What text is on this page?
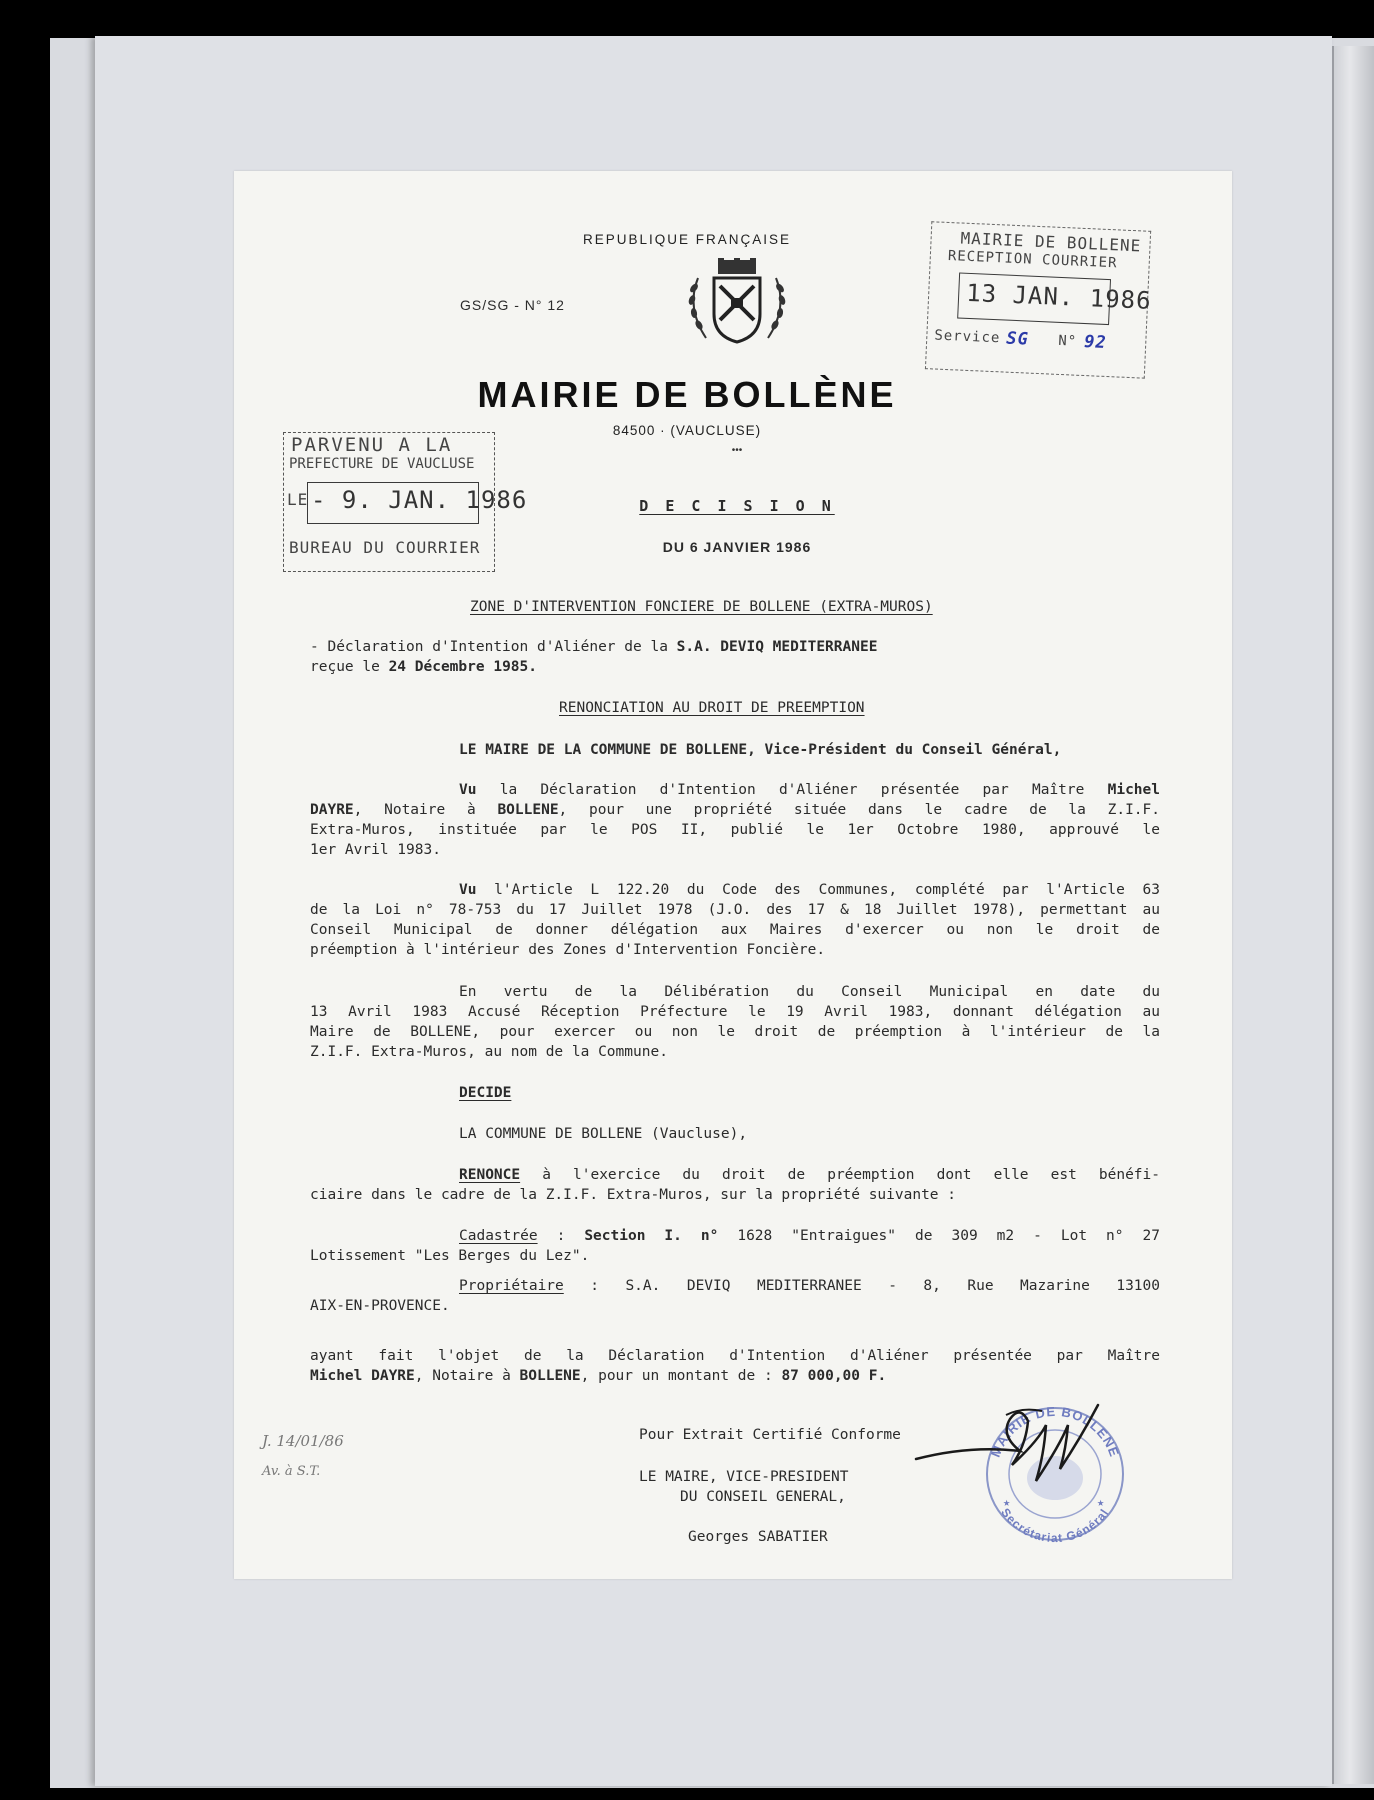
GS/SG - N° 12
REPUBLIQUE FRANÇAISE
MAIRIE DE BOLLÈNE
84500 · (VAUCLUSE)
•••
MAIRIE DE BOLLENE
RECEPTION COURRIER
13 JAN. 1986
Service SG N° 92
PARVENU A LA
PREFECTURE DE VAUCLUSE
LE - 9. JAN. 1986
BUREAU DU COURRIER
D E C I S I O N
DU 6 JANVIER 1986
ZONE D'INTERVENTION FONCIERE DE BOLLENE (EXTRA-MUROS)
- Déclaration d'Intention d'Aliéner de la S.A. DEVIQ MEDITERRANEE
reçue le 24 Décembre 1985.
RENONCIATION AU DROIT DE PREEMPTION
LE MAIRE DE LA COMMUNE DE BOLLENE, Vice-Président du Conseil Général,
Vu la Déclaration d'Intention d'Aliéner présentée par Maître Michel
DAYRE, Notaire à BOLLENE, pour une propriété située dans le cadre de la Z.I.F.
Extra-Muros, instituée par le POS II, publié le 1er Octobre 1980, approuvé le
1er Avril 1983.
Vu l'Article L 122.20 du Code des Communes, complété par l'Article 63
de la Loi n° 78-753 du 17 Juillet 1978 (J.O. des 17 & 18 Juillet 1978), permettant au
Conseil Municipal de donner délégation aux Maires d'exercer ou non le droit de
préemption à l'intérieur des Zones d'Intervention Foncière.
En vertu de la Délibération du Conseil Municipal en date du
13 Avril 1983 Accusé Réception Préfecture le 19 Avril 1983, donnant délégation au
Maire de BOLLENE, pour exercer ou non le droit de préemption à l'intérieur de la
Z.I.F. Extra-Muros, au nom de la Commune.
DECIDE
LA COMMUNE DE BOLLENE (Vaucluse),
RENONCE à l'exercice du droit de préemption dont elle est bénéfi-
ciaire dans le cadre de la Z.I.F. Extra-Muros, sur la propriété suivante :
Cadastrée : Section I. n° 1628 "Entraigues" de 309 m2 - Lot n° 27
Lotissement "Les Berges du Lez".
Propriétaire : S.A. DEVIQ MEDITERRANEE - 8, Rue Mazarine 13100
AIX-EN-PROVENCE.
ayant fait l'objet de la Déclaration d'Intention d'Aliéner présentée par Maître
Michel DAYRE, Notaire à BOLLENE, pour un montant de : 87 000,00 F.
Pour Extrait Certifié Conforme
LE MAIRE, VICE-PRESIDENT
DU CONSEIL GENERAL,
Georges SABATIER
MAIRIE DE BOLLENE
Secrétariat Général
★	★
J. 14/01/86
Av. à S.T.
